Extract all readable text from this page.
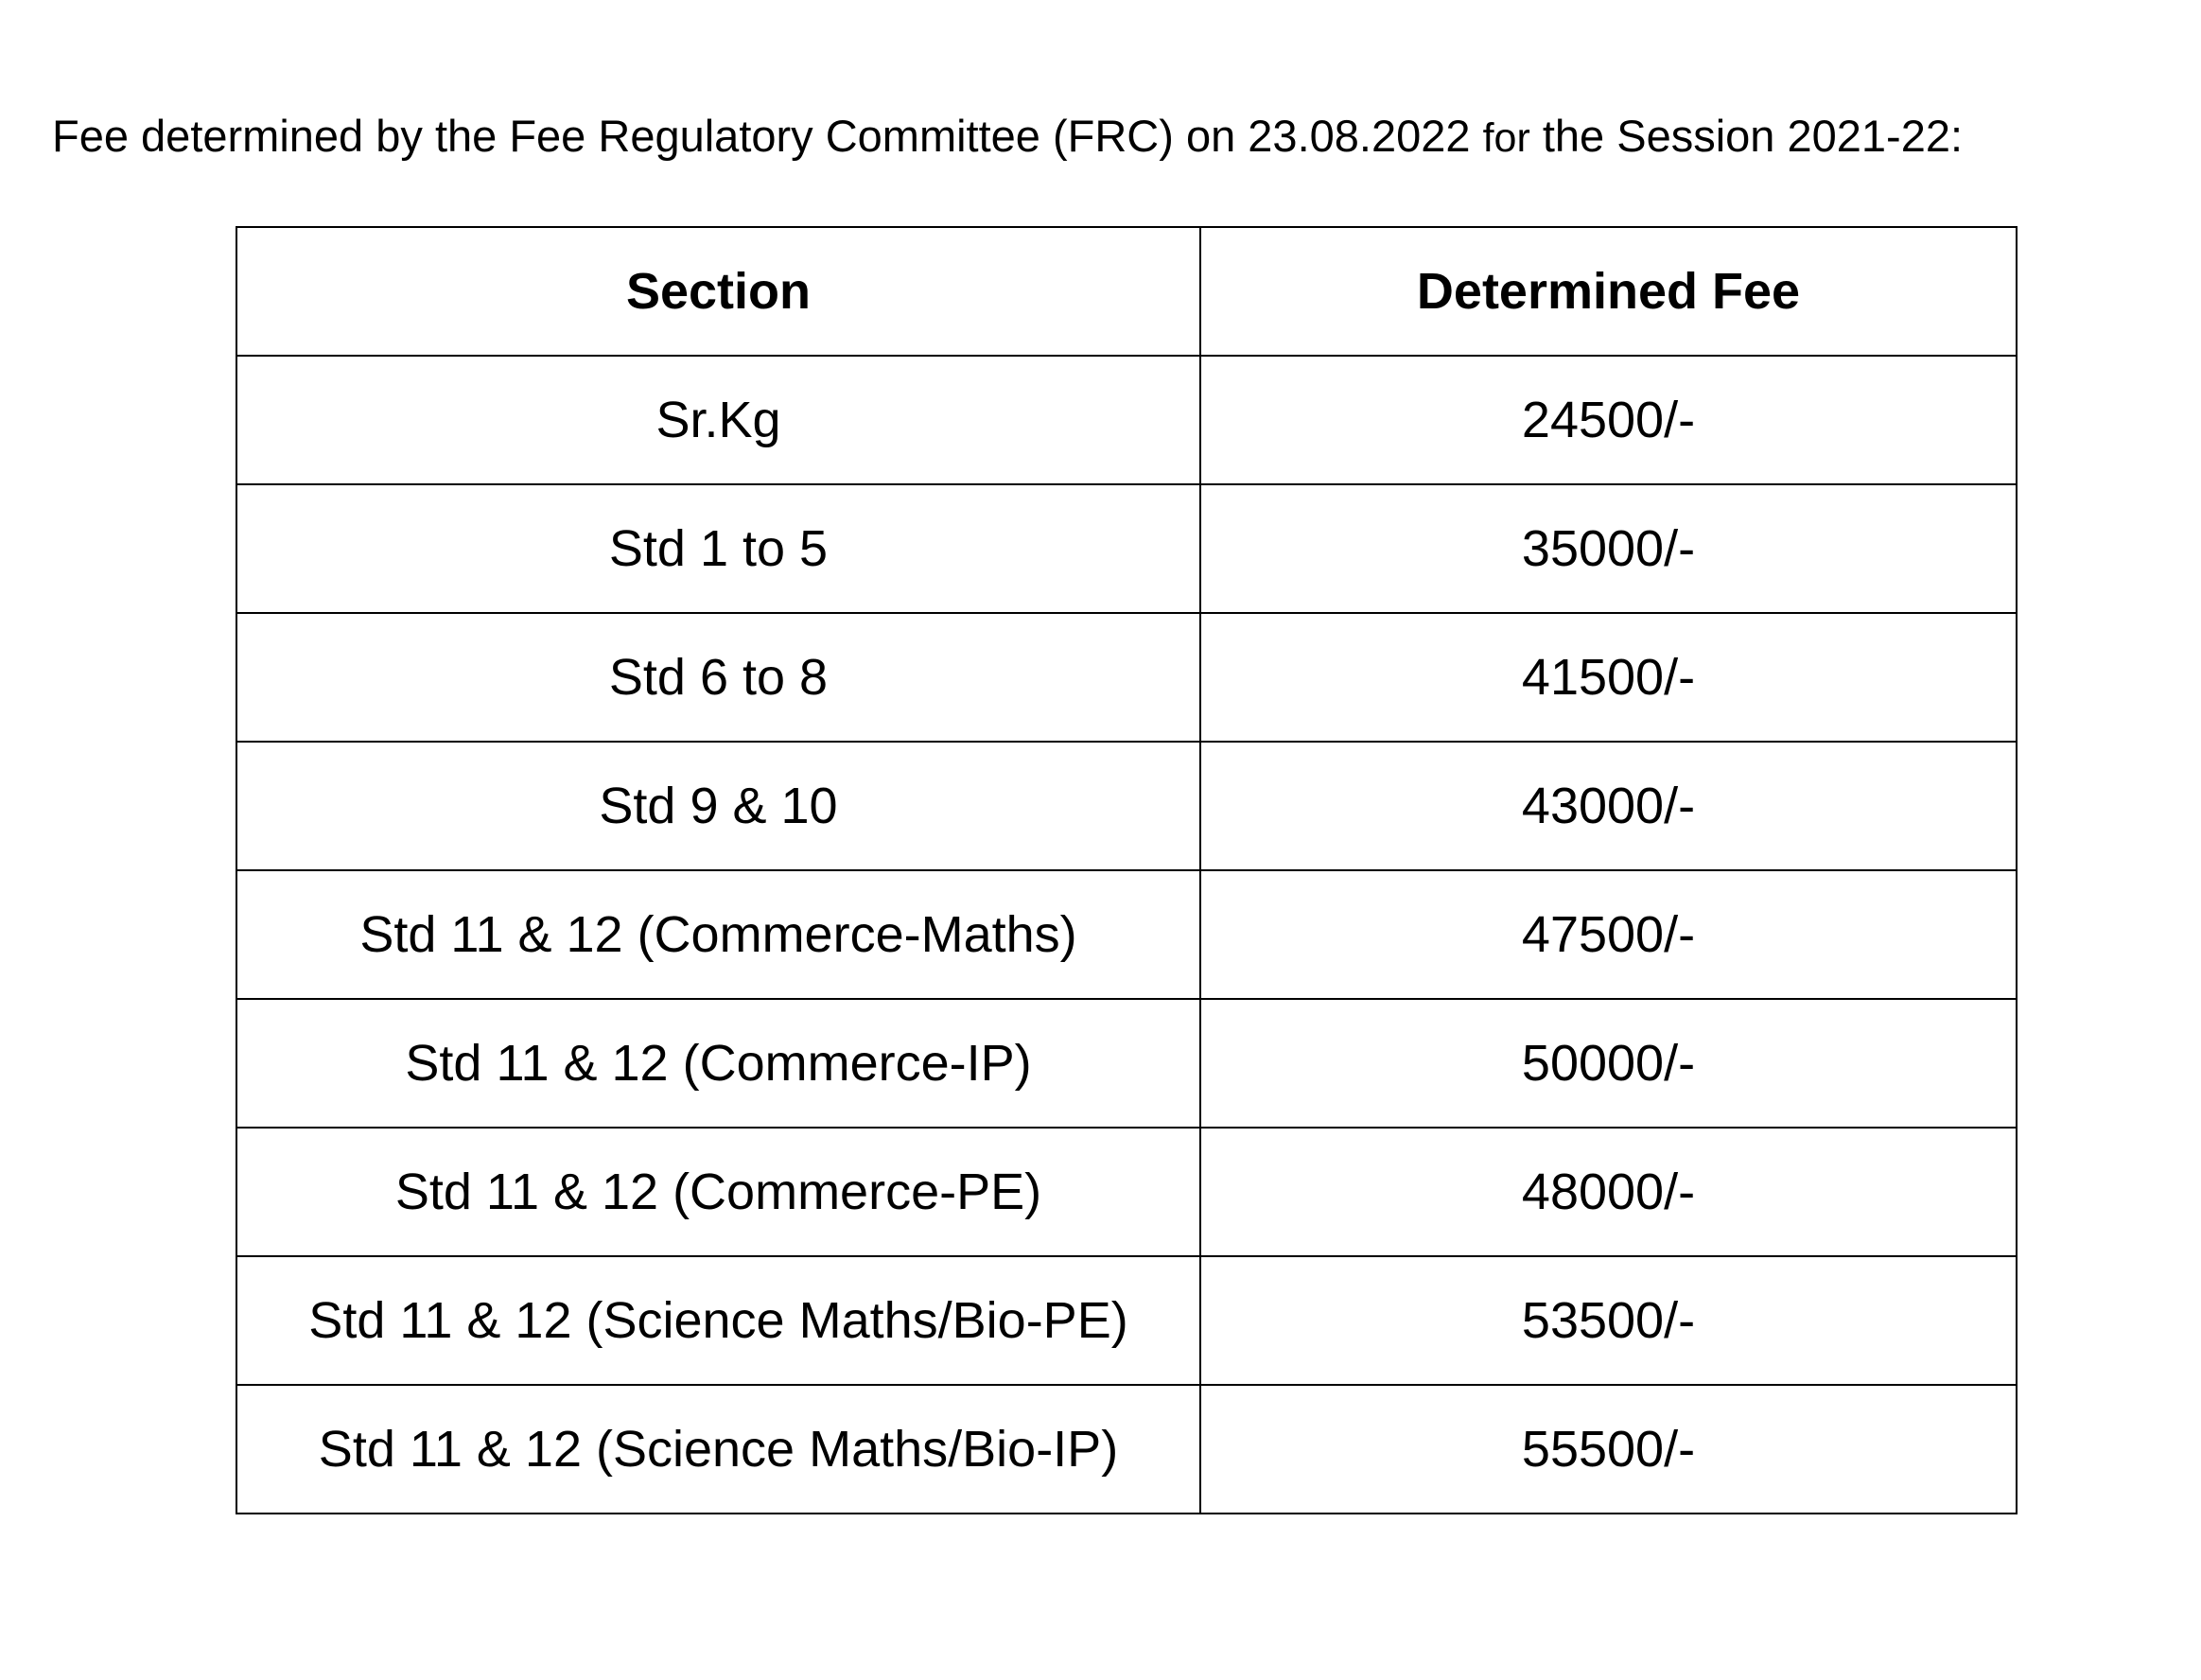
Fee determined by the Fee Regulatory Committee (FRC) on 23.08.2022 for the Session 2021-22:

Section	Determined Fee
Sr.Kg	24500/-
Std 1 to 5	35000/-
Std 6 to 8	41500/-
Std 9 & 10	43000/-
Std 11 & 12 (Commerce-Maths)	47500/-
Std 11 & 12 (Commerce-IP)	50000/-
Std 11 & 12 (Commerce-PE)	48000/-
Std 11 & 12 (Science Maths/Bio-PE)	53500/-
Std 11 & 12 (Science Maths/Bio-IP)	55500/-
